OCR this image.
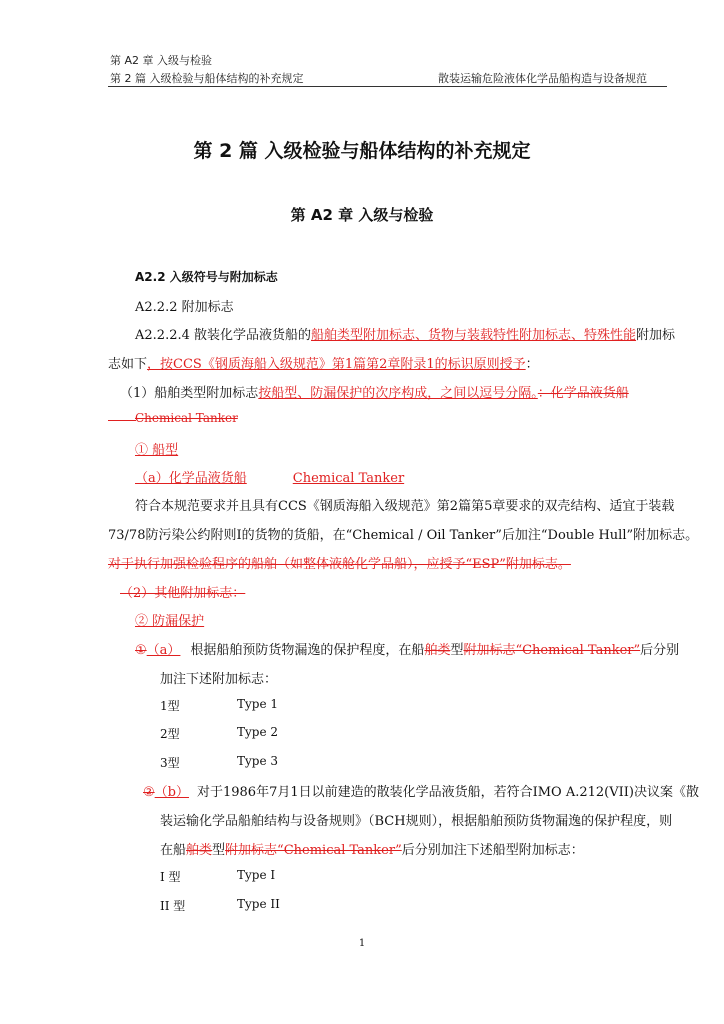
第 A2 章 入级与检验
第 2 篇 入级检验与船体结构的补充规定	散装运输危险液体化学品船构造与设备规范
第 2 篇 入级检验与船体结构的补充规定
第 A2 章 入级与检验
A2.2 入级符号与附加标志
A2.2.2 附加标志
A2.2.2.4 散装化学品液货船的船舶类型附加标志、货物与装载特性附加标志、特殊性能附加标
志如下，按CCS《钢质海船入级规范》第1篇第2章附录1的标识原则授予：
（1）船舶类型附加标志按船型、防漏保护的次序构成，之间以逗号分隔。：化学品液货船
Chemical Tanker
① 船型
（a）化学品液货船	Chemical Tanker
符合本规范要求并且具有CCS《钢质海船入级规范》第2篇第5章要求的双壳结构、适宜于装载
73/78防污染公约附则I的货物的货船，在“Chemical / Oil Tanker”后加注“Double Hull”附加标志。
对于执行加强检验程序的船舶（如整体液舱化学品船），应授予“ESP”附加标志。
（2）其他附加标志：
② 防漏保护
①（a） 根据船舶预防货物漏逸的保护程度，在船舶类型附加标志“Chemical Tanker”后分别
加注下述附加标志：
1型	Type 1
2型	Type 2
3型	Type 3
②（b） 对于1986年7月1日以前建造的散装化学品液货船，若符合IMO A.212(VII)决议案《散
装运输化学品船舶结构与设备规则》（BCH规则），根据船舶预防货物漏逸的保护程度，则
在船舶类型附加标志“Chemical Tanker”后分别加注下述船型附加标志：
I 型	Type I
II 型	Type II
1
